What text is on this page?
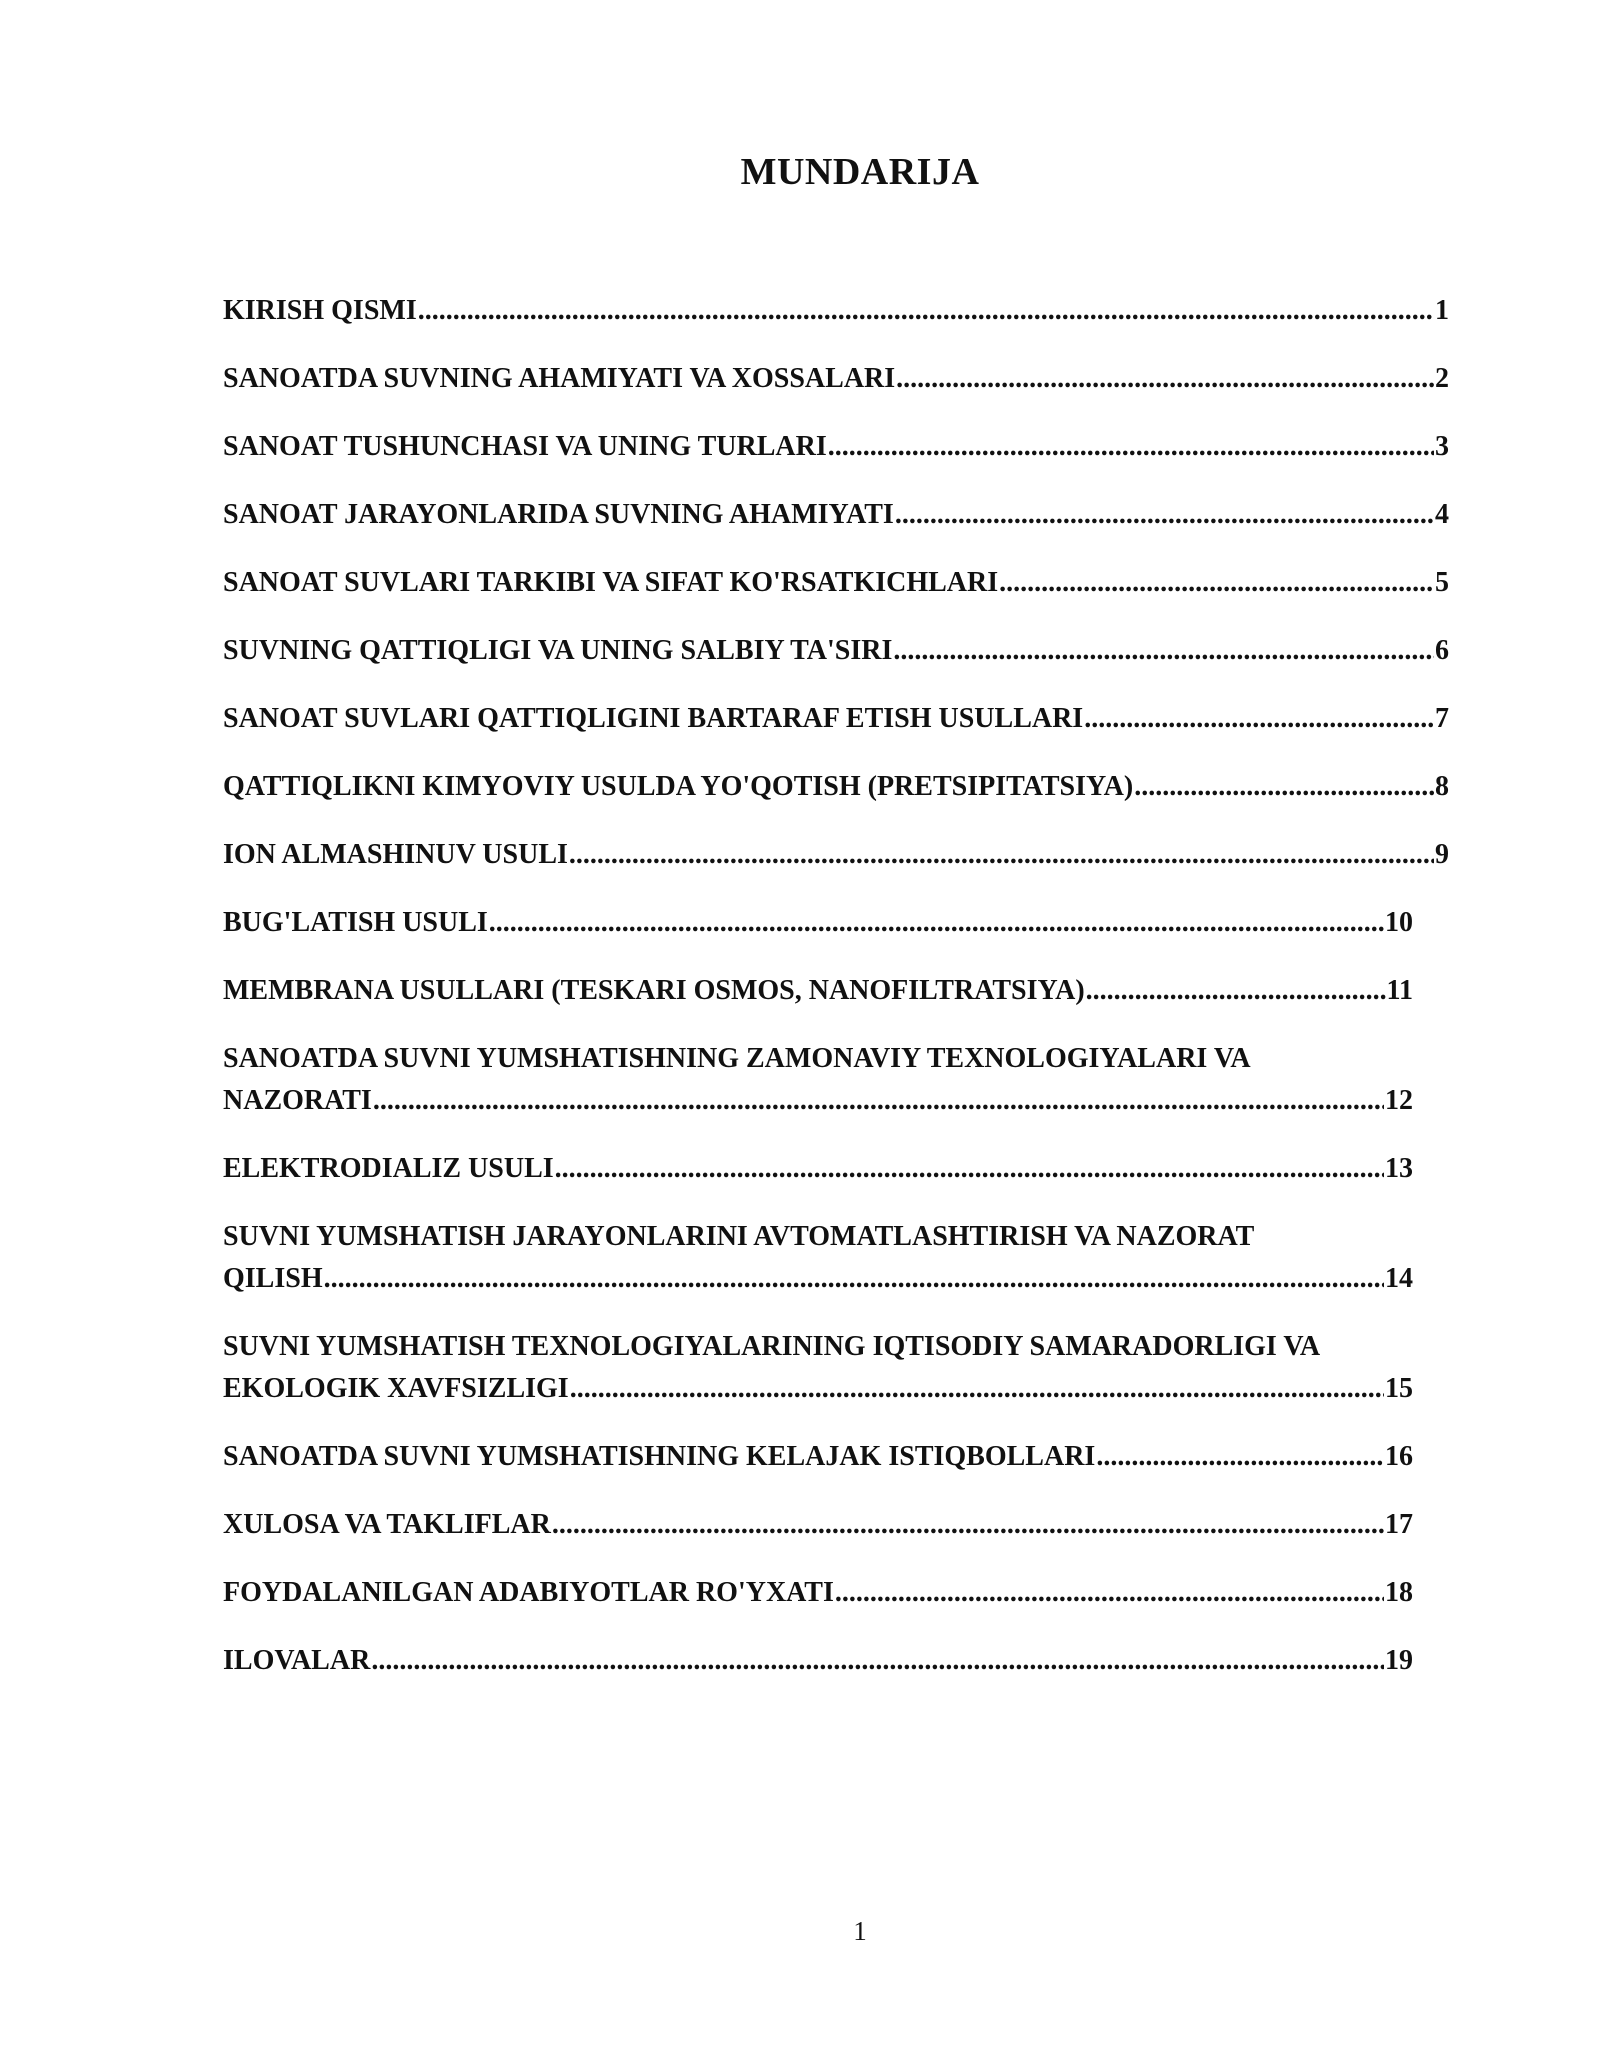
MUNDARIJA
KIRISH QISMI .....	1
SANOATDA SUVNING AHAMIYATI VA XOSSALARI .....	2
SANOAT TUSHUNCHASI VA UNING TURLARI .....	3
SANOAT JARAYONLARIDA SUVNING AHAMIYATI .....	4
SANOAT SUVLARI TARKIBI VA SIFAT KO'RSATKICHLARI .....	5
SUVNING QATTIQLIGI VA UNING SALBIY TA'SIRI .....	6
SANOAT SUVLARI QATTIQLIGINI BARTARAF ETISH USULLARI .....	7
QATTIQLIKNI KIMYOVIY USULDA YO'QOTISH (PRETSIPITATSIYA) .....	8
ION ALMASHINUV USULI .....	9
BUG'LATISH USULI .....	10
MEMBRANA USULLARI (TESKARI OSMOS, NANOFILTRATSIYA) .....	11
SANOATDA SUVNI YUMSHATISHNING ZAMONAVIY TEXNOLOGIYALARI VA
NAZORATI .....	12
ELEKTRODIALIZ USULI .....	13
SUVNI YUMSHATISH JARAYONLARINI AVTOMATLASHTIRISH VA NAZORAT
QILISH .....	14
SUVNI YUMSHATISH TEXNOLOGIYALARINING IQTISODIY SAMARADORLIGI VA
EKOLOGIK XAVFSIZLIGI .....	15
SANOATDA SUVNI YUMSHATISHNING KELAJAK ISTIQBOLLARI .....	16
XULOSA VA TAKLIFLAR .....	17
FOYDALANILGAN ADABIYOTLAR RO'YXATI .....	18
ILOVALAR .....	19
1
